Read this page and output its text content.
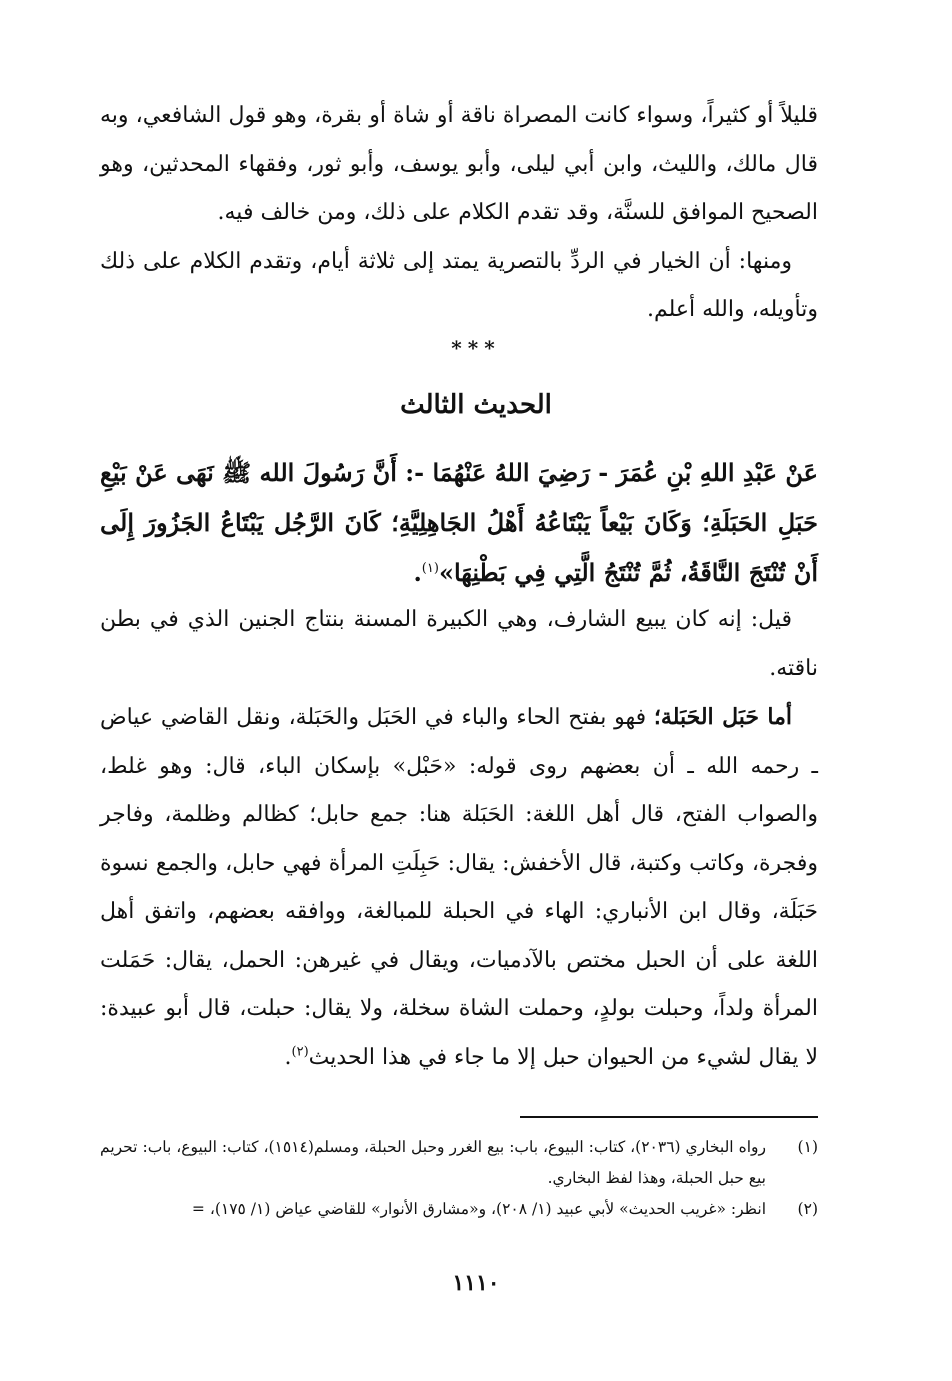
قليلاً أو كثيراً، وسواء كانت المصراة ناقة أو شاة أو بقرة، وهو قول الشافعي، وبه قال مالك، والليث، وابن أبي ليلى، وأبو يوسف، وأبو ثور، وفقهاء المحدثين، وهو الصحيح الموافق للسنَّة، وقد تقدم الكلام على ذلك، ومن خالف فيه.

ومنها: أن الخيار في الردِّ بالتصرية يمتد إلى ثلاثة أيام، وتقدم الكلام على ذلك وتأويله، والله أعلم.

***
الحديث الثالث
عَنْ عَبْدِ اللهِ بْنِ عُمَرَ - رَضِيَ اللهُ عَنْهُمَا -: أَنَّ رَسُولَ الله ﷺ نَهَى عَنْ بَيْعِ حَبَلِ الحَبَلَةِ؛ وَكَانَ بَيْعاً يَبْتَاعُهُ أَهْلُ الجَاهِلِيَّةِ؛ كَانَ الرَّجُل يَبْتَاعُ الجَزُورَ إِلَى أَنْ تُنْتَجَ النَّاقَةُ، ثُمَّ تُنْتَجُ الَّتِي فِي بَطْنِهَا»$^{(١)}$.

قيل: إنه كان يبيع الشارف، وهي الكبيرة المسنة بنتاج الجنين الذي في بطن ناقته.

أما حَبَل الحَبَلة؛ فهو بفتح الحاء والباء في الحَبَل والحَبَلة، ونقل القاضي عياض ـ رحمه الله ـ أن بعضهم روى قوله: «حَبْل» بإسكان الباء، قال: وهو غلط، والصواب الفتح، قال أهل اللغة: الحَبَلة هنا: جمع حابل؛ كظالم وظلمة، وفاجر وفجرة، وكاتب وكتبة، قال الأخفش: يقال: حَبِلَتِ المرأة فهي حابل، والجمع نسوة حَبَلَة، وقال ابن الأنباري: الهاء في الحبلة للمبالغة، ووافقه بعضهم، واتفق أهل اللغة على أن الحبل مختص بالآدميات، ويقال في غيرهن: الحمل، يقال: حَمَلت المرأة ولداً، وحبلت بولدٍ، وحملت الشاة سخلة، ولا يقال: حبلت، قال أبو عبيدة: لا يقال لشيء من الحيوان حبل إلا ما جاء في هذا الحديث$^{(٢)}$.

(١)
رواه البخاري (٢٠٣٦)، كتاب: البيوع، باب: بيع الغرر وحبل الحبلة، ومسلم(١٥١٤)، كتاب: البيوع، باب: تحريم بيع حبل الحبلة، وهذا لفظ البخاري.
(٢)
انظر: «غريب الحديث» لأبي عبيد (١/ ٢٠٨)، و«مشارق الأنوار» للقاضي عياض (١/ ١٧٥)، =
١١١٠
